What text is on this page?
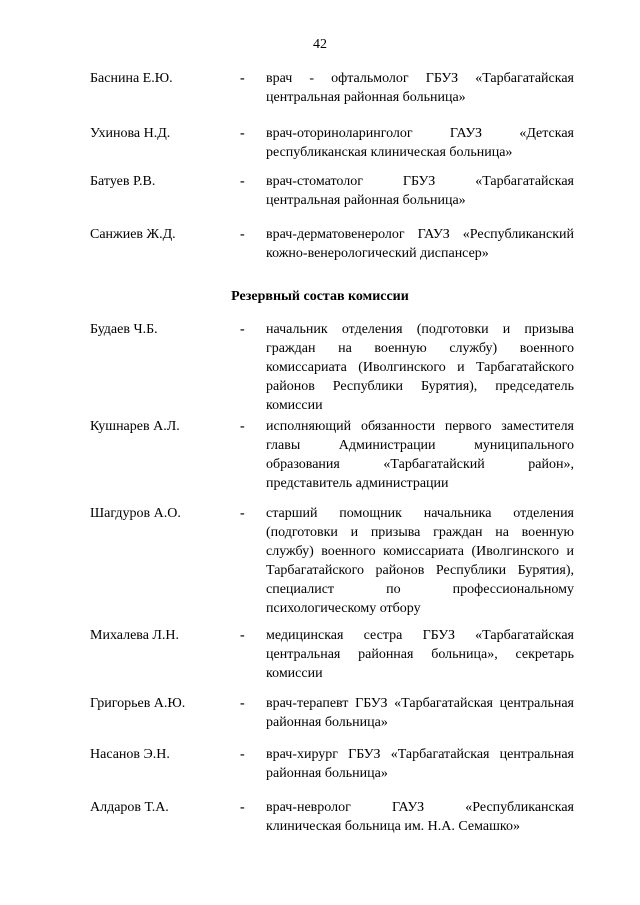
42
Баснина Е.Ю.	- врач - офтальмолог ГБУЗ «Тарбагатайская центральная районная больница»
Ухинова Н.Д.	- врач-оториноларинголог ГАУЗ «Детская республиканская клиническая больница»
Батуев Р.В.	- врач-стоматолог ГБУЗ «Тарбагатайская центральная районная больница»
Санжиев Ж.Д.	- врач-дерматовенеролог ГАУЗ «Республиканский кожно-венерологический диспансер»
Резервный состав комиссии
Будаев Ч.Б.	- начальник отделения (подготовки и призыва граждан на военную службу) военного комиссариата (Иволгинского и Тарбагатайского районов Республики Бурятия), председатель комиссии
Кушнарев А.Л.	- исполняющий обязанности первого заместителя главы Администрации муниципального образования «Тарбагатайский район», представитель администрации
Шагдуров А.О.	- старший помощник начальника отделения (подготовки и призыва граждан на военную службу) военного комиссариата (Иволгинского и Тарбагатайского районов Республики Бурятия), специалист по профессиональному психологическому отбору
Михалева Л.Н.	- медицинская сестра ГБУЗ «Тарбагатайская центральная районная больница», секретарь комиссии
Григорьев А.Ю.	- врач-терапевт ГБУЗ «Тарбагатайская центральная районная больница»
Насанов Э.Н.	- врач-хирург ГБУЗ «Тарбагатайская центральная районная больница»
Алдаров Т.А.	- врач-невролог ГАУЗ «Республиканская клиническая больница им. Н.А. Семашко»
